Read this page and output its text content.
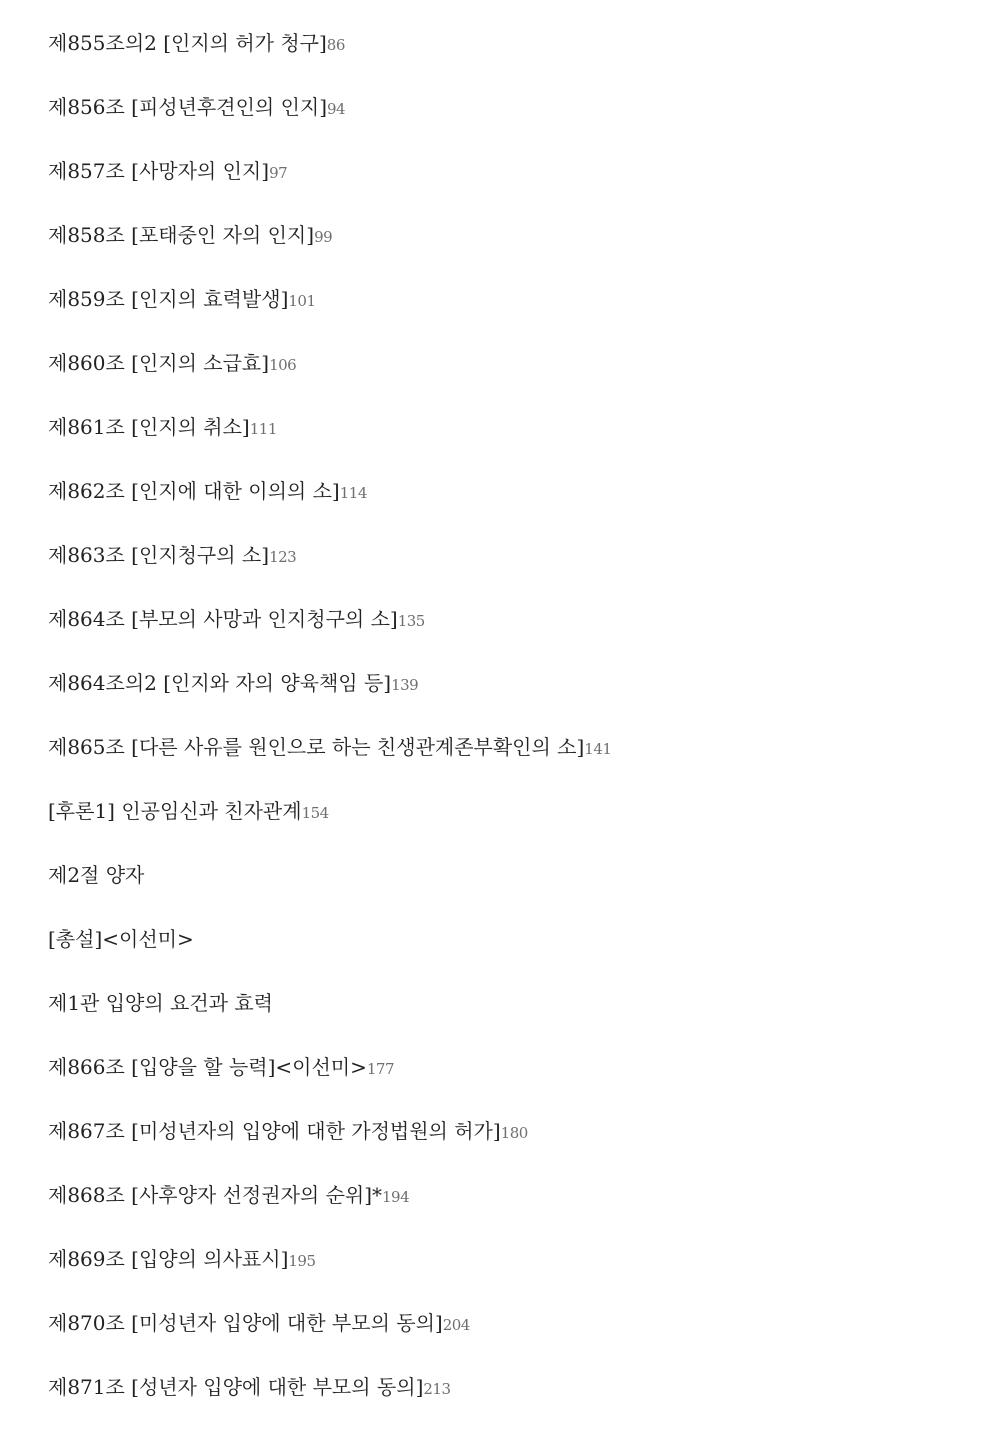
제855조의2 [인지의 허가 청구]86
제856조 [피성년후견인의 인지]94
제857조 [사망자의 인지]97
제858조 [포태중인 자의 인지]99
제859조 [인지의 효력발생]101
제860조 [인지의 소급효]106
제861조 [인지의 취소]111
제862조 [인지에 대한 이의의 소]114
제863조 [인지청구의 소]123
제864조 [부모의 사망과 인지청구의 소]135
제864조의2 [인지와 자의 양육책임 등]139
제865조 [다른 사유를 원인으로 하는 친생관계존부확인의 소]141
[후론1] 인공임신과 친자관계154
제2절 양자
[총설]<이선미>
제1관 입양의 요건과 효력
제866조 [입양을 할 능력]<이선미>177
제867조 [미성년자의 입양에 대한 가정법원의 허가]180
제868조 [사후양자 선정권자의 순위]*194
제869조 [입양의 의사표시]195
제870조 [미성년자 입양에 대한 부모의 동의]204
제871조 [성년자 입양에 대한 부모의 동의]213
